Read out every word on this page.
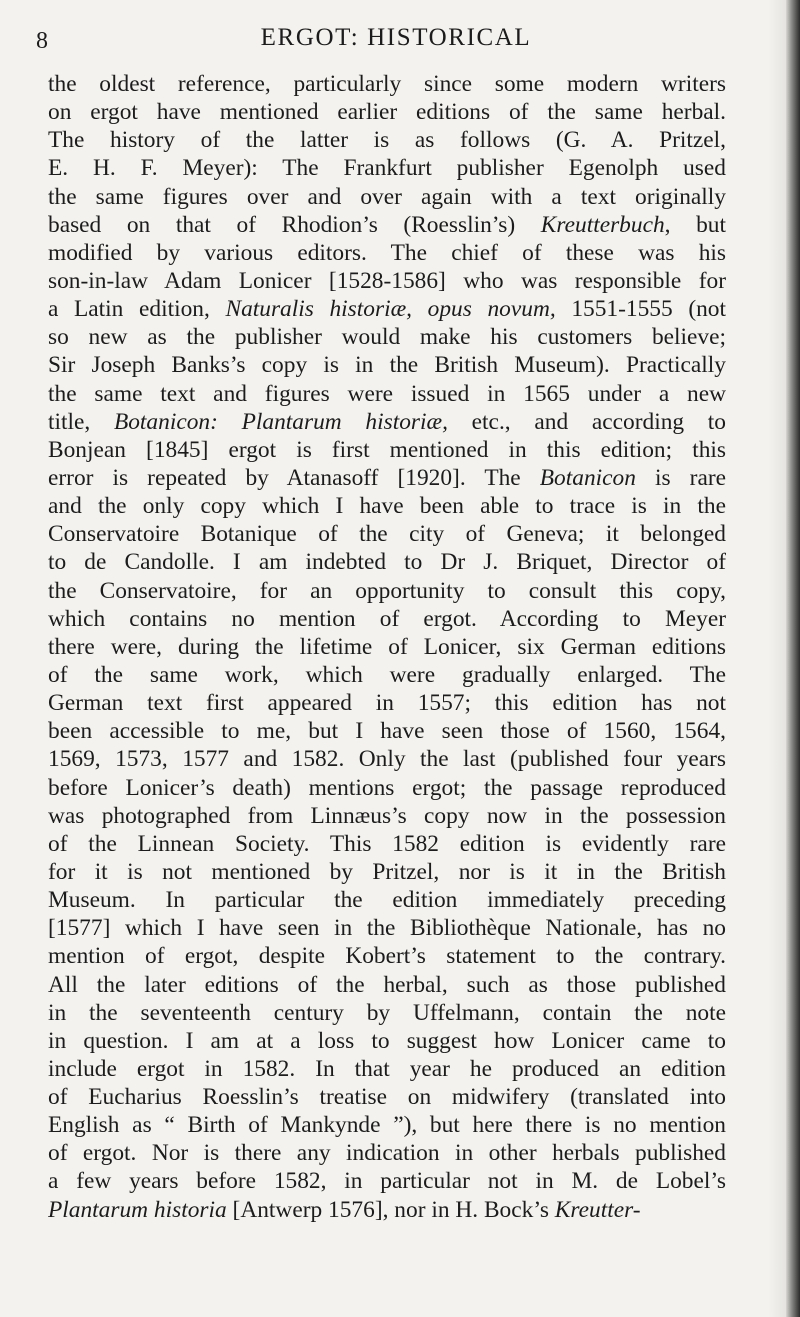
8	ERGOT: HISTORICAL
the oldest reference, particularly since some modern writers
on ergot have mentioned earlier editions of the same herbal.
The history of the latter is as follows (G. A. Pritzel,
E. H. F. Meyer): The Frankfurt publisher Egenolph used
the same figures over and over again with a text originally
based on that of Rhodion’s (Roesslin’s) Kreutterbuch, but
modified by various editors. The chief of these was his
son-in-law Adam Lonicer [1528-1586] who was responsible for
a Latin edition, Naturalis historiæ, opus novum, 1551-1555 (not
so new as the publisher would make his customers believe;
Sir Joseph Banks’s copy is in the British Museum). Practically
the same text and figures were issued in 1565 under a new
title, Botanicon: Plantarum historiæ, etc., and according to
Bonjean [1845] ergot is first mentioned in this edition; this
error is repeated by Atanasoff [1920]. The Botanicon is rare
and the only copy which I have been able to trace is in the
Conservatoire Botanique of the city of Geneva; it belonged
to de Candolle. I am indebted to Dr J. Briquet, Director of
the Conservatoire, for an opportunity to consult this copy,
which contains no mention of ergot. According to Meyer
there were, during the lifetime of Lonicer, six German editions
of the same work, which were gradually enlarged. The
German text first appeared in 1557; this edition has not
been accessible to me, but I have seen those of 1560, 1564,
1569, 1573, 1577 and 1582. Only the last (published four years
before Lonicer’s death) mentions ergot; the passage reproduced
was photographed from Linnæus’s copy now in the possession
of the Linnean Society. This 1582 edition is evidently rare
for it is not mentioned by Pritzel, nor is it in the British
Museum. In particular the edition immediately preceding
[1577] which I have seen in the Bibliothèque Nationale, has no
mention of ergot, despite Kobert’s statement to the contrary.
All the later editions of the herbal, such as those published
in the seventeenth century by Uffelmann, contain the note
in question. I am at a loss to suggest how Lonicer came to
include ergot in 1582. In that year he produced an edition
of Eucharius Roesslin’s treatise on midwifery (translated into
English as “ Birth of Mankynde ”), but here there is no mention
of ergot. Nor is there any indication in other herbals published
a few years before 1582, in particular not in M. de Lobel’s
Plantarum historia [Antwerp 1576], nor in H. Bock’s Kreutter-
